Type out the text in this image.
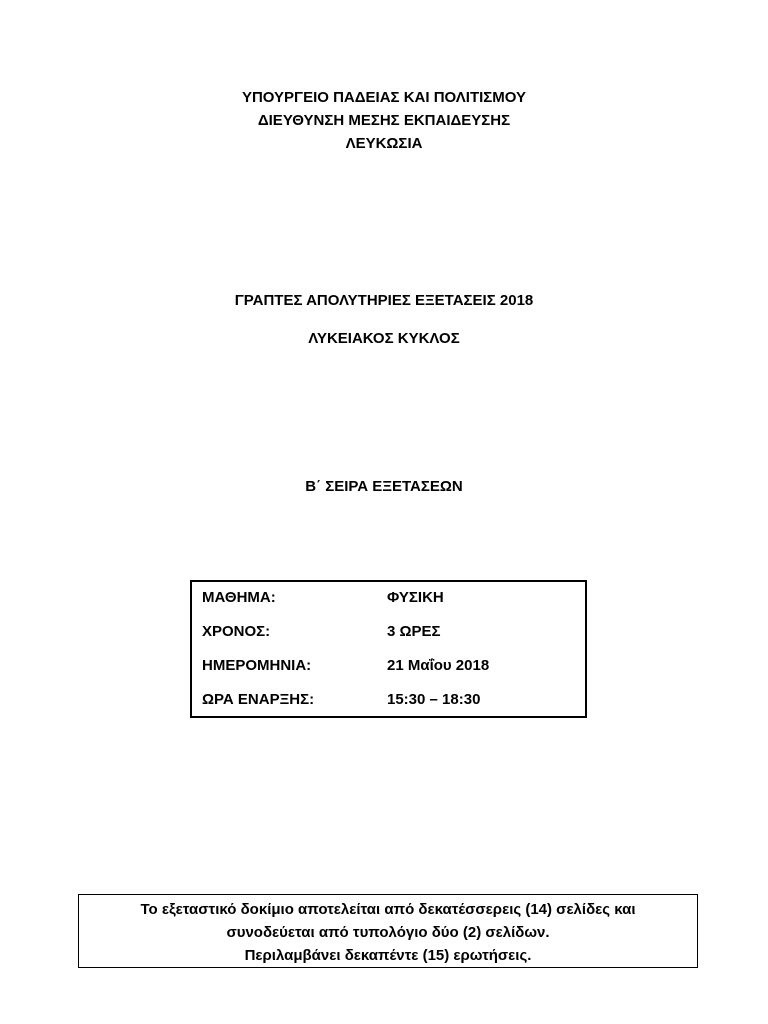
ΥΠΟΥΡΓΕΙΟ ΠΑΔΕΙΑΣ ΚΑΙ ΠΟΛΙΤΙΣΜΟΥ
ΔΙΕΥΘΥΝΣΗ ΜΕΣΗΣ ΕΚΠΑΙΔΕΥΣΗΣ
ΛΕΥΚΩΣΙΑ
ΓΡΑΠΤΕΣ ΑΠΟΛΥΤΗΡΙΕΣ ΕΞΕΤΑΣΕΙΣ 2018
ΛΥΚΕΙΑΚΟΣ ΚΥΚΛΟΣ
Β΄ ΣΕΙΡΑ ΕΞΕΤΑΣΕΩΝ
ΜΑΘΗΜΑ:	ΦΥΣΙΚΗ
ΧΡΟΝΟΣ:	3 ΩΡΕΣ
ΗΜΕΡΟΜΗΝΙΑ:	21 Μαΐου 2018
ΩΡΑ ΕΝΑΡΞΗΣ:	15:30 – 18:30
Το εξεταστικό δοκίμιο αποτελείται από δεκατέσσερεις (14) σελίδες και
συνοδεύεται από τυπολόγιο δύο (2) σελίδων.
Περιλαμβάνει δεκαπέντε (15) ερωτήσεις.
